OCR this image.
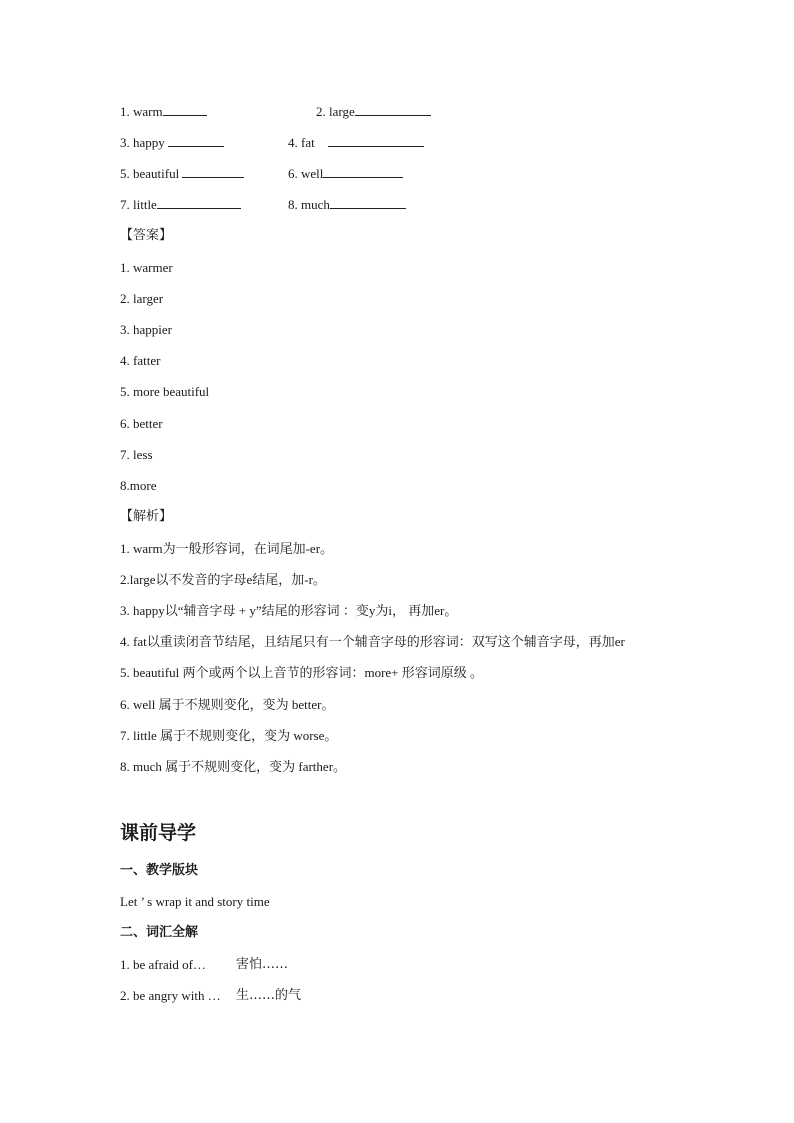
1. warm	2. large
3. happy	4. fat
5. beautiful	6. well
7. little	8. much
【答案】
1. warmer
2. larger
3. happier
4. fatter
5. more beautiful
6. better
7. less
8.more
【解析】
1. warm为一般形容词，在词尾加-er。
2.large以不发音的字母e结尾，加-r。
3. happy以“辅音字母 + y”结尾的形容词 ：变y为i， 再加er。
4. fat以重读闭音节结尾，且结尾只有一个辅音字母的形容词：双写这个辅音字母，再加er
5. beautiful 两个或两个以上音节的形容词：more+ 形容词原级 。
6. well 属于不规则变化，变为 better。
7. little 属于不规则变化，变为 worse。
8. much 属于不规则变化，变为 farther。
课前导学
一、教学版块
Let ’ s wrap it and story time
二、词汇全解
1. be afraid of… 害怕……
2. be angry with … 生……的气
